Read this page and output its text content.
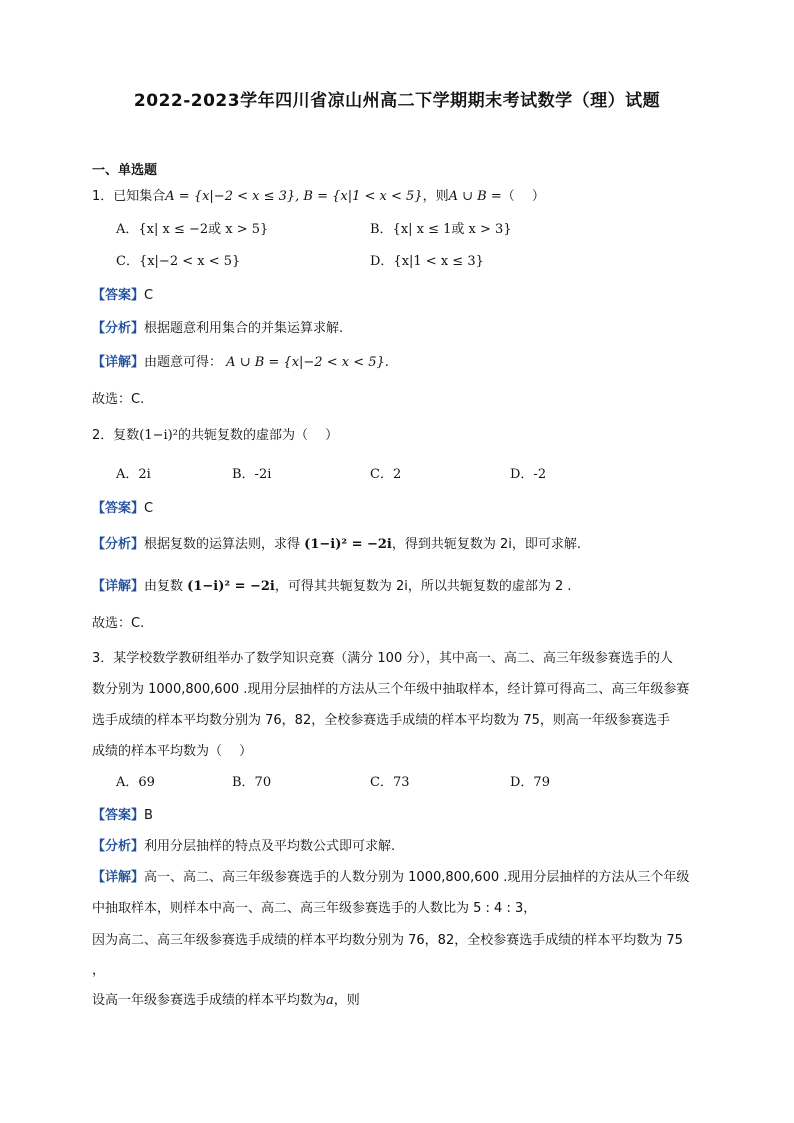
2022-2023学年四川省凉山州高二下学期期末考试数学（理）试题
一、单选题
1．已知集合A = {x|−2 < x ≤ 3}, B = {x|1 < x < 5}，则A ∪ B =（　 ）
A．{x| x ≤ −2或 x > 5}	B．{x| x ≤ 1或 x > 3}
C．{x|−2 < x < 5}	D．{x|1 < x ≤ 3}
【答案】C
【分析】根据题意利用集合的并集运算求解.
【详解】由题意可得： A ∪ B = {x|−2 < x < 5}.
故选：C.
2．复数(1−i)²的共轭复数的虚部为（　 ）
A．2i	B．-2i	C．2	D．-2
【答案】C
【分析】根据复数的运算法则，求得 (1−i)² = −2i，得到共轭复数为 2i，即可求解.
【详解】由复数 (1−i)² = −2i，可得其共轭复数为 2i，所以共轭复数的虚部为 2 .
故选：C.
3．某学校数学教研组举办了数学知识竞赛（满分 100 分），其中高一、高二、高三年级参赛选手的人
数分别为 1000,800,600 .现用分层抽样的方法从三个年级中抽取样本，经计算可得高二、高三年级参赛
选手成绩的样本平均数分别为 76，82，全校参赛选手成绩的样本平均数为 75，则高一年级参赛选手
成绩的样本平均数为（　 ）
A．69	B．70	C．73	D．79
【答案】B
【分析】利用分层抽样的特点及平均数公式即可求解.
【详解】高一、高二、高三年级参赛选手的人数分别为 1000,800,600 .现用分层抽样的方法从三个年级
中抽取样本，则样本中高一、高二、高三年级参赛选手的人数比为 5 : 4 : 3，
因为高二、高三年级参赛选手成绩的样本平均数分别为 76，82，全校参赛选手成绩的样本平均数为 75
，
设高一年级参赛选手成绩的样本平均数为a，则
